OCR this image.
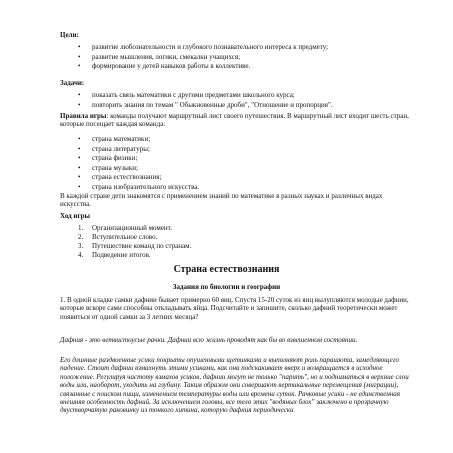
Цели:
• развитие любознательности и глубокого познавательного интереса к предмету;
• развитие мышления, логики, смекалки учащихся;
• формирование у детей навыков работы в коллективе.
Задачи:
• показать связь математики с другими предметами школьного курса;
• повторить знания по темам " Обыкновенные дроби", "Отношение и пропорция".
Правила игры: команды получают маршрутный лист своего путешествия. В маршрутный лист входит шесть стран, которые посещает каждая команда:
• страна математики;
• страна литературы;
• страна физики;
• страна музыки;
• страна естествознания;
• страна изобразительного искусства.
В каждой стране дети знакомятся с применением знаний по математике в разных науках и различных видах искусства.
Ход игры
1. Организационный момент.
2. Вступительное слово.
3. Путешествие команд по странам.
4. Подведение итогов.
Страна естествознания
Задания по биологии и географии
1. В одной кладке самки дафнии бывает примерно 60 яиц. Спустя 15-20 суток из яиц вылупляются молодые дафнии, которые вскоре сами способны откладывать яйца. Подсчитайте и запишите, сколько дафний теоретически может появиться от одной самки за 3 летних месяца?
Дафния - это ветвистоусые рачки. Дафнии всю жизнь проводят как бы во взвешенном состоянии.
Его длинные раздвоенные усики покрыты опушенными щетинками и выполняют роль парашюта, замедляющего падение. Стоит дафнии взмахнуть этими усиками, как она подскакивает вверх и возвращается в исходное положение. Регулируя частоту взмахов усиков, дафнии могут не только "парить", но и подниматься в верхние слои воды или, наоборот, уходить на глубину. Таким образом они совершают вертикальные перемещения (миграции), связанные с поиском пищи, изменением температуры воды или времени суток. Рачковые усики - не единственная внешняя особенность дафний. За исключением головы, все тело этих "водяных блох" заключено в прозрачную двустворчатую раковинку из тонкого хитина, которую дафния периодически
